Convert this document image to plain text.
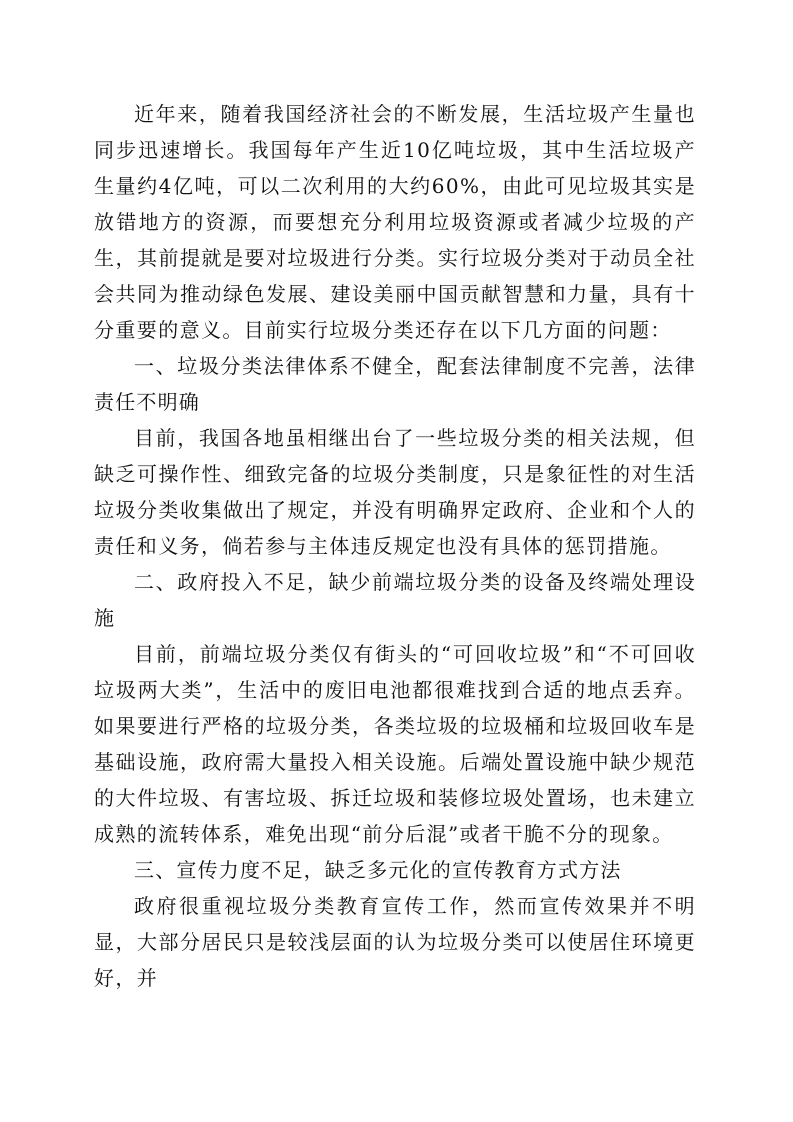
近年来，随着我国经济社会的不断发展，生活垃圾产生量也同步迅速增长。我国每年产生近10亿吨垃圾，其中生活垃圾产生量约4亿吨，可以二次利用的大约60%，由此可见垃圾其实是放错地方的资源，而要想充分利用垃圾资源或者减少垃圾的产生，其前提就是要对垃圾进行分类。实行垃圾分类对于动员全社会共同为推动绿色发展、建设美丽中国贡献智慧和力量，具有十分重要的意义。目前实行垃圾分类还存在以下几方面的问题：

一、垃圾分类法律体系不健全，配套法律制度不完善，法律责任不明确

目前，我国各地虽相继出台了一些垃圾分类的相关法规，但缺乏可操作性、细致完备的垃圾分类制度，只是象征性的对生活垃圾分类收集做出了规定，并没有明确界定政府、企业和个人的责任和义务，倘若参与主体违反规定也没有具体的惩罚措施。

二、政府投入不足，缺少前端垃圾分类的设备及终端处理设施

目前，前端垃圾分类仅有街头的“可回收垃圾”和“不可回收垃圾两大类”，生活中的废旧电池都很难找到合适的地点丢弃。如果要进行严格的垃圾分类，各类垃圾的垃圾桶和垃圾回收车是基础设施，政府需大量投入相关设施。后端处置设施中缺少规范的大件垃圾、有害垃圾、拆迁垃圾和装修垃圾处置场，也未建立成熟的流转体系，难免出现“前分后混”或者干脆不分的现象。

三、宣传力度不足，缺乏多元化的宣传教育方式方法

政府很重视垃圾分类教育宣传工作，然而宣传效果并不明显，大部分居民只是较浅层面的认为垃圾分类可以使居住环境更好，并
